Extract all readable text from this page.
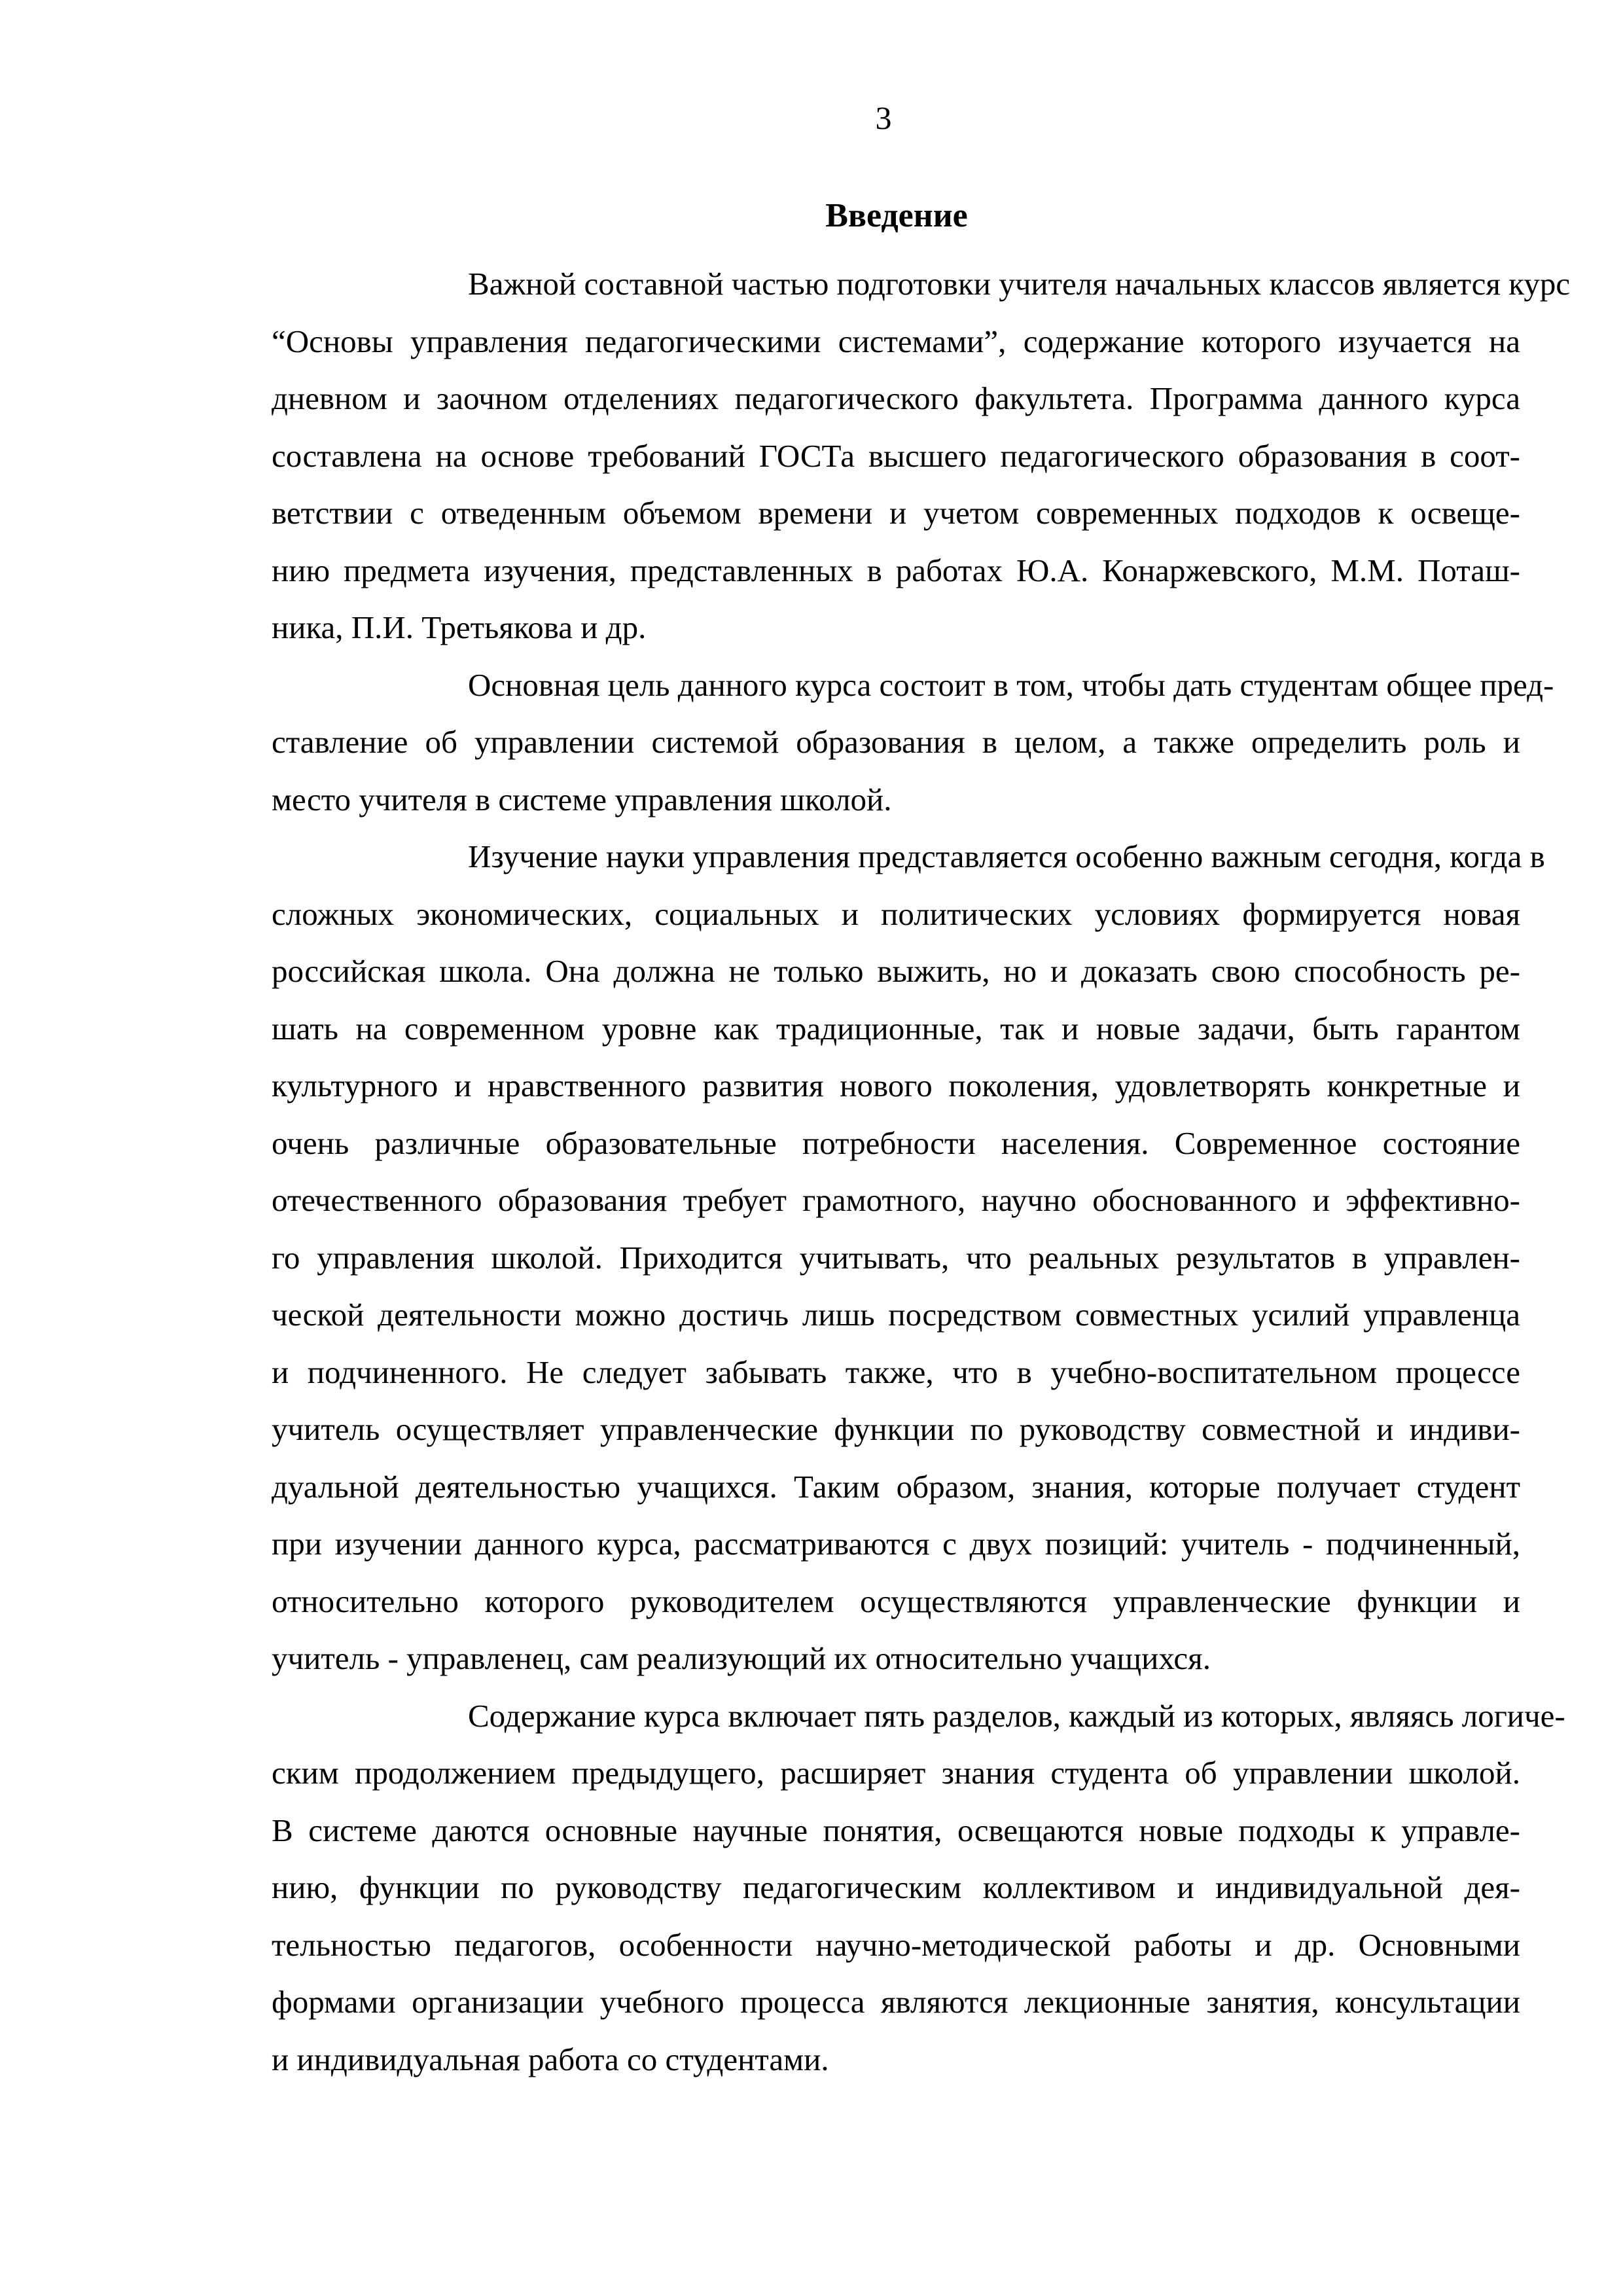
3
Введение
Важной составной частью подготовки учителя начальных классов является курс
“Основы управления педагогическими системами”, содержание которого изучается на
дневном и заочном отделениях педагогического факультета. Программа данного курса
составлена на основе требований ГОСТа высшего педагогического образования в соот-
ветствии с отведенным объемом времени и учетом современных подходов к освеще-
нию предмета изучения, представленных в работах Ю.А. Конаржевского, М.М. Поташ-
ника, П.И. Третьякова и др.
Основная цель данного курса состоит в том, чтобы дать студентам общее пред-
ставление об управлении системой образования в целом, а также определить роль и
место учителя в системе управления школой.
Изучение науки управления представляется особенно важным сегодня, когда в
сложных экономических, социальных и политических условиях формируется новая
российская школа. Она должна не только выжить, но и доказать свою способность ре-
шать на современном уровне как традиционные, так и новые задачи, быть гарантом
культурного и нравственного развития нового поколения, удовлетворять конкретные и
очень различные образовательные потребности населения. Современное состояние
отечественного образования требует грамотного, научно обоснованного и эффективно-
го управления школой. Приходится учитывать, что реальных результатов в управлен-
ческой деятельности можно достичь лишь посредством совместных усилий управленца
и подчиненного. Не следует забывать также, что в учебно-воспитательном процессе
учитель осуществляет управленческие функции по руководству совместной и индиви-
дуальной деятельностью учащихся. Таким образом, знания, которые получает студент
при изучении данного курса, рассматриваются с двух позиций: учитель - подчиненный,
относительно которого руководителем осуществляются управленческие функции и
учитель - управленец, сам реализующий их относительно учащихся.
Содержание курса включает пять разделов, каждый из которых, являясь логиче-
ским продолжением предыдущего, расширяет знания студента об управлении школой.
В системе даются основные научные понятия, освещаются новые подходы к управле-
нию, функции по руководству педагогическим коллективом и индивидуальной дея-
тельностью педагогов, особенности научно-методической работы и др. Основными
формами организации учебного процесса являются лекционные занятия, консультации
и индивидуальная работа со студентами.
